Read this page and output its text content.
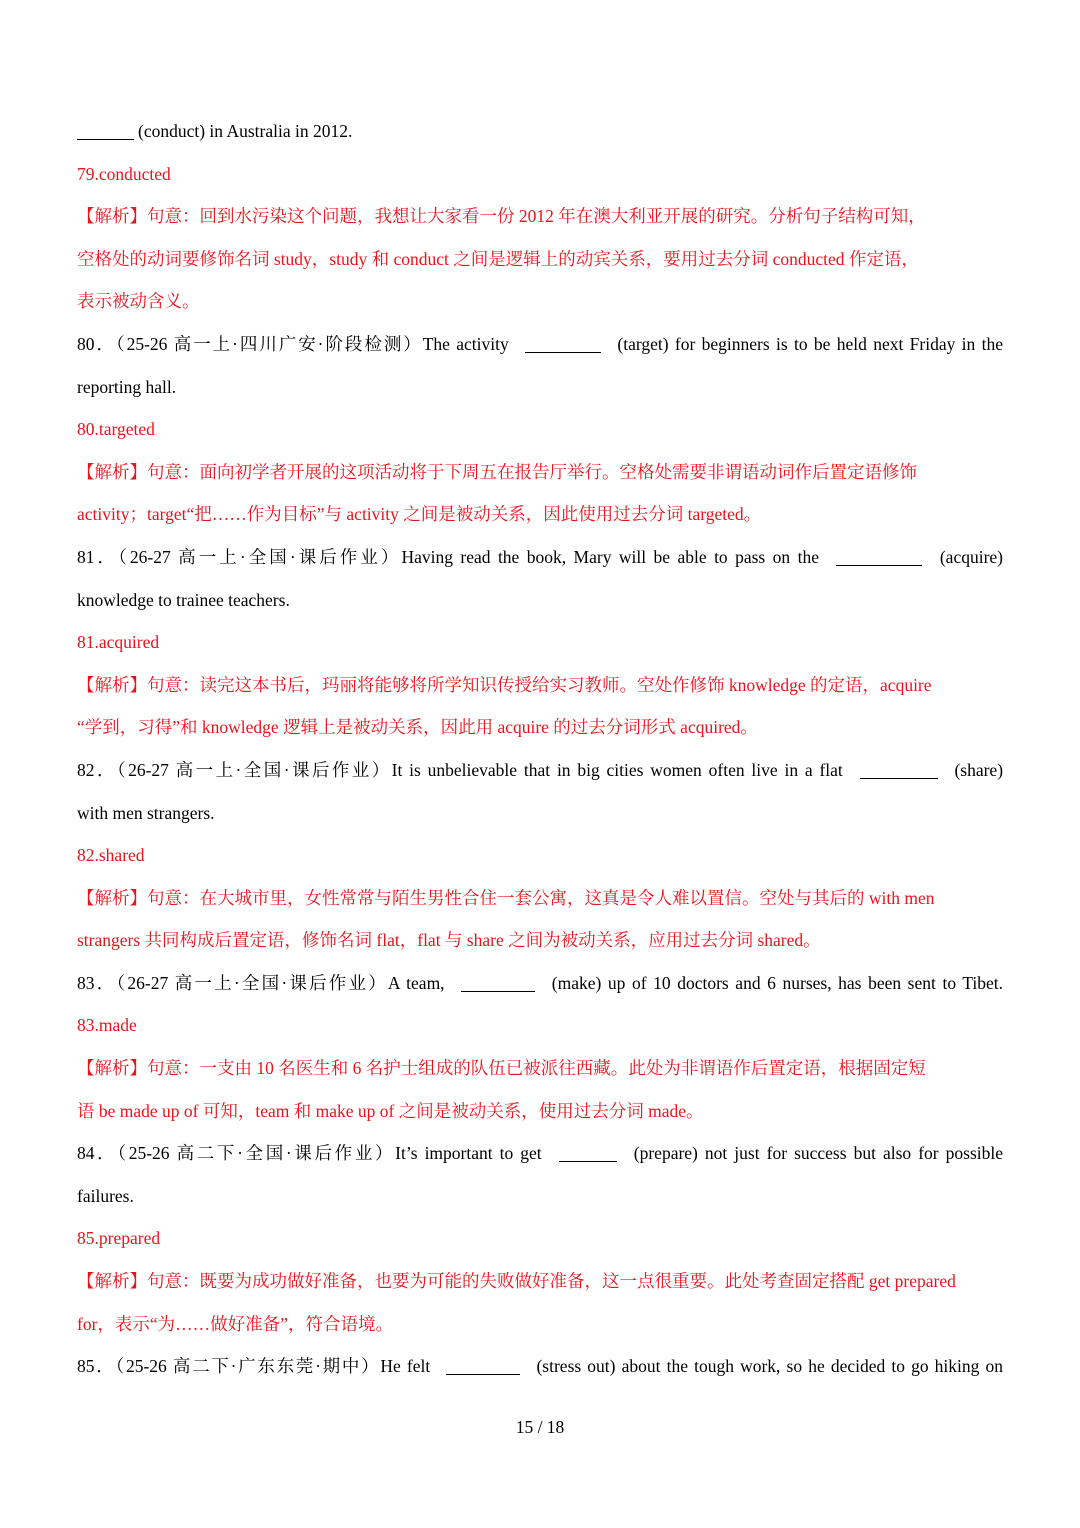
(conduct) in Australia in 2012.
79.conducted
【解析】句意：回到水污染这个问题，我想让大家看一份 2012 年在澳大利亚开展的研究。分析句子结构可知，
空格处的动词要修饰名词 study，study 和 conduct 之间是逻辑上的动宾关系，要用过去分词 conducted 作定语，
表示被动含义。
80．（25-26 高一上·四川广安·阶段检测）The activity	(target) for beginners is to be held next Friday in the
reporting hall.
80.targeted
【解析】句意：面向初学者开展的这项活动将于下周五在报告厅举行。空格处需要非谓语动词作后置定语修饰
activity；target“把……作为目标”与 activity 之间是被动关系，因此使用过去分词 targeted。
81．（26-27 高一上·全国·课后作业）Having read the book, Mary will be able to pass on the	(acquire)
knowledge to trainee teachers.
81.acquired
【解析】句意：读完这本书后，玛丽将能够将所学知识传授给实习教师。空处作修饰 knowledge 的定语，acquire
“学到，习得”和 knowledge 逻辑上是被动关系，因此用 acquire 的过去分词形式 acquired。
82．（26-27 高一上·全国·课后作业）It is unbelievable that in big cities women often live in a flat	(share)
with men strangers.
82.shared
【解析】句意：在大城市里，女性常常与陌生男性合住一套公寓，这真是令人难以置信。空处与其后的 with men
strangers 共同构成后置定语，修饰名词 flat，flat 与 share 之间为被动关系，应用过去分词 shared。
83．（26-27 高一上·全国·课后作业）A team,	(make) up of 10 doctors and 6 nurses, has been sent to Tibet.
83.made
【解析】句意：一支由 10 名医生和 6 名护士组成的队伍已被派往西藏。此处为非谓语作后置定语，根据固定短
语 be made up of 可知，team 和 make up of 之间是被动关系，使用过去分词 made。
84．（25-26 高二下·全国·课后作业）It’s important to get	(prepare) not just for success but also for possible
failures.
85.prepared
【解析】句意：既要为成功做好准备，也要为可能的失败做好准备，这一点很重要。此处考查固定搭配 get prepared
for，表示“为……做好准备”，符合语境。
85．（25-26 高二下·广东东莞·期中）He felt	(stress out) about the tough work, so he decided to go hiking on
15 / 18
